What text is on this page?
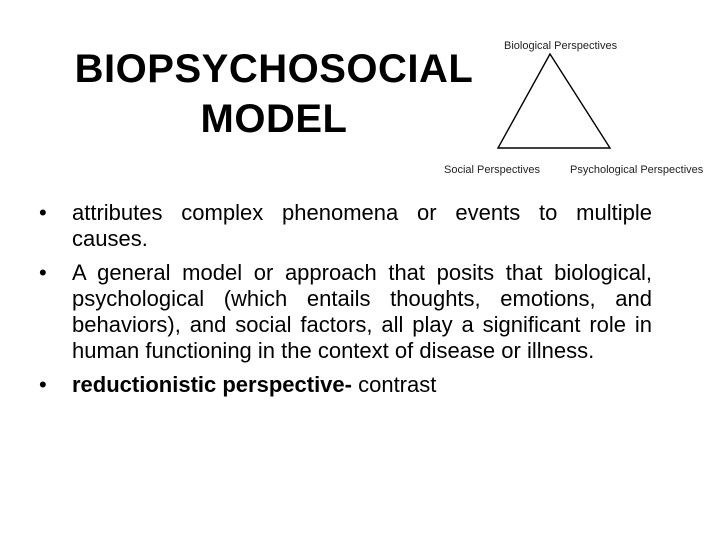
BIOPSYCHOSOCIAL
MODEL
Biological Perspectives
Social Perspectives	Psychological Perspectives
• attributes complex phenomena or events to multiple causes.
• A general model or approach that posits that biological, psychological (which entails thoughts, emotions, and behaviors), and social factors, all play a significant role in human functioning in the context of disease or illness.
• reductionistic perspective- contrast
